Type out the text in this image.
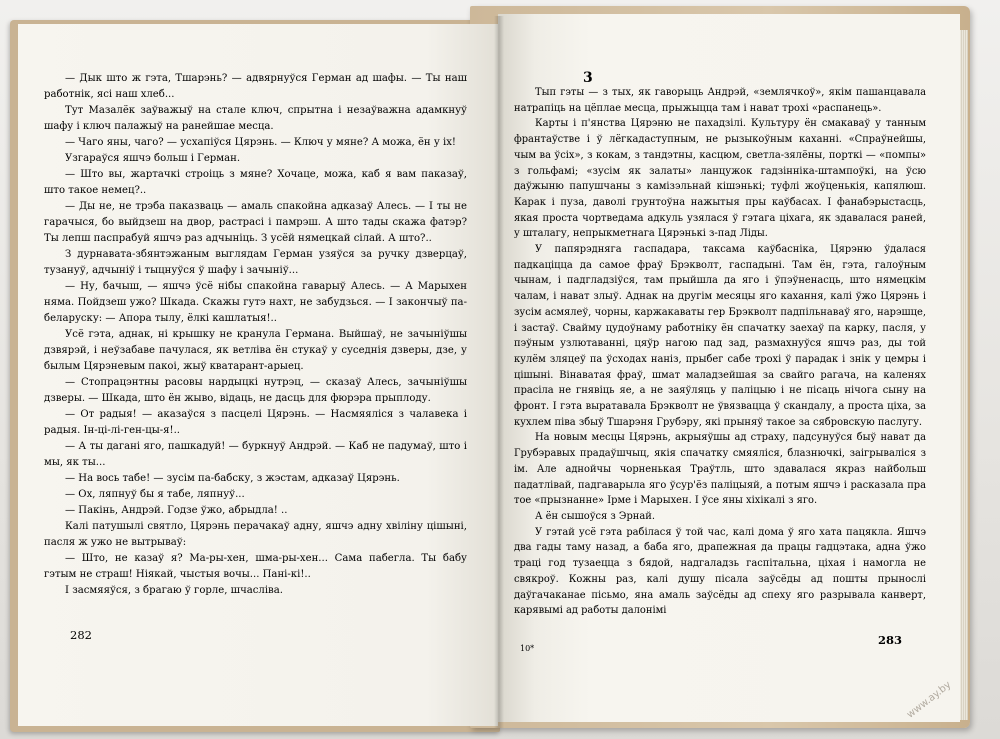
— Дык што ж гэта, Тшарэнь? — адвярнуўся Герман ад шафы. — Ты наш работнік, ясі наш хлеб...

Тут Мазалёк заўважыў на стале ключ, спрытна і незаўважна адамкнуў шафу і ключ палажыў на ранейшае месца.

— Чаго яны, чаго? — усхапіўся Цярэнь. — Ключ у мяне? А можа, ён у іх!

Узгараўся яшчэ больш і Герман.

— Што вы, жартачкі строіць з мяне? Хочаце, можа, каб я вам паказаў, што такое немец?..

— Ды не, не трэба паказваць — амаль спакойна адказаў Алесь. — І ты не гарачыся, бо выйдзеш на двор, растрасі і памрэш. А што тады скажа фатэр? Ты лепш паспрабуй яшчэ раз адчыніць. З усёй нямецкай сілай. А што?..

З дурнавата-збянтэжаным выглядам Герман узяўся за ручку дзверцаў, тузануў, адчыніў і тыцнуўся ў шафу і зачыніў...

— Ну, бачыш, — яшчэ ўсё нібы спакойна гаварыў Алесь. — А Марыхен няма. Пойдзеш ужо? Шкада. Скажы гутэ нахт, не забудзься. — І закончыў па-беларуску: — Апора тылу, ёлкі кашлатыя!..

Усё гэта, аднак, ні крышку не кранула Германа. Выйшаў, не зачыніўшы дзвярэй, і неўзабаве пачулася, як ветліва ён стукаў у суседнія дзверы, дзе, у былым Цярэневым пакоі, жыў кватарант-арыец.

— Стопрацэнтны расовы нардыцкі нутрэц, — сказаў Алесь, зачыніўшы дзверы. — Шкада, што ён жыво, відаць, не дасць для фюрэра прыплоду.

— От радыя! — аказаўся з пасцелі Цярэнь. — Насмяяліся з чалавека і радыя. Ін-ці-лі-ген-цы-я!..

— А ты дагані яго, пашкадуй! — буркнуў Андрэй. — Каб не падумаў, што і мы, як ты...

— На вось табе! — зусім па-бабску, з жэстам, адказаў Цярэнь.

— Ох, ляпнуў бы я табе, ляпнуў...

— Пакінь, Андрэй. Годзе ўжо, абрыдла! ..

Калі патушылі святло, Цярэнь перачакаў адну, яшчэ адну хвіліну цішыні, пасля ж ужо не вытрываў:

— Што, не казаў я? Ма-ры-хен, шма-ры-хен... Сама пабегла. Ты бабу гэтым не страш! Ніякай, чыстыя вочы... Пані-кі!..

І засмяяўся, з брагаю ў горле, шчасліва.

3

Тып гэты — з тых, як гаворыць Андрэй, «землячкоў», якім пашанцавала натрапіць на цёплае месца, прыжыцца там і нават трохі «распанець».

Карты і п'янства Цярэню не пахадзілі. Культуру ён смакаваў у танным франтаўстве і ў лёгкадаступным, не рызыкоўным каханні. «Спраўнейшы, чым ва ўсіх», з кокам, з тандэтны, касцюм, светла-зялёны, порткі — «помпы» з гольфамі; «зусім як залаты» ланцужок гадзінніка-штампоўкі, на ўсю даўжыню папушчаны з камізэльнай кішэнькі; туфлі жоўценькія, капялюш. Карак і пуза, даволі грунтоўна нажытыя пры каўбасах. І фанабэрыстасць, якая проста чортведама адкуль узялася ў гэтага ціхага, як здавалася раней, у шталагу, непрыкметнага Цярэнькі з-пад Ліды.

У папярэдняга гаспадара, таксама каўбасніка, Цярэню ўдалася падкаціцца да самое фраў Брэкволт, гаспадыні. Там ён, гэта, галоўным чынам, і падгладзіўся, там прыйшла да яго і ўпэўненасць, што нямецкім чалам, і нават злыў. Аднак на другім месяцы яго кахання, калі ўжо Цярэнь і зусім асмялеў, чорны, каржакаваты гер Брэкволт падпільнаваў яго, нарэшце, і застаў. Свайму цудоўнаму работніку ён спачатку заехаў па карку, пасля, у пэўным узлютаванні, цяўр нагою пад зад, размахнуўся яшчэ раз, ды той кулём зляцеў па ўсходах наніз, прыбег сабе трохі ў парадак і знік у цемры і цішыні. Вінаватая фраў, шмат маладзейшая за свайго рагача, на каленях прасіла не гнявіць яе, а не заяўляць у паліцыю і не пісаць нічога сыну на фронт. І гэта выратавала Брэкволт не ўвязвацца ў скандалу, а проста ціха, за кухлем піва збыў Тшарэня Грубэру, які прыняў такое за сябровскую паслугу.

На новым месцы Цярэнь, акрыяўшы ад страху, падсунуўся быў нават да Грубэравых прадаўшчыц, якія спачатку смяяліся, блазнючкі, заігрываліся з ім. Але аднойчы чорненькая Траўтль, што здавалася якраз найбольш падатлівай, падгаварыла яго ўсур'ёз паліцыяй, а потым яшчэ і расказала пра тое «прызнанне» Ірме і Марыхен. І ўсе яны хіхікалі з яго.

А ён сышоўся з Эрнай.

У гэтай усё гэта рабілася ў той час, калі дома ў яго хата пацякла. Яшчэ два гады таму назад, а баба яго, драпежная да працы гадцэтака, адна ўжо траці год тузаецца з бядой, надгаладзь гаспітальна, ціхая і намогла не свякроў. Кожны раз, калі душу пісала заўсёды ад пошты прынослі даўгачаканае пісьмо, яна амаль заўсёды ад спеху яго разрывала канверт, карявымі ад работы далонімі

282
10*
283
www.ay.by
